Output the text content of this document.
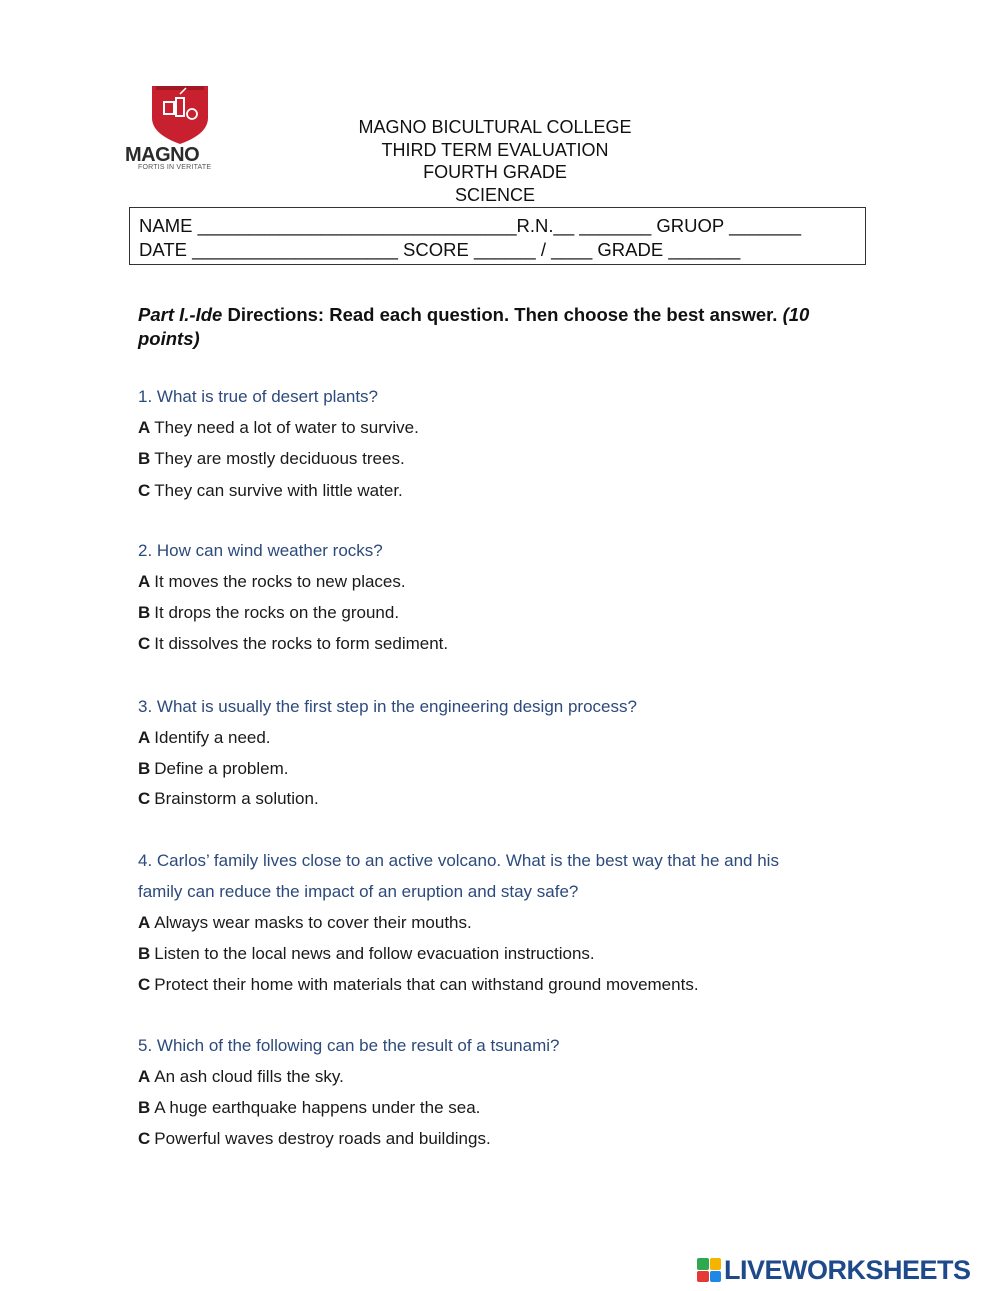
MAGNO
FORTIS IN VERITATE
MAGNO BICULTURAL COLLEGE
THIRD TERM EVALUATION
FOURTH GRADE
SCIENCE
NAME _______________________________R.N.__ _______ GRUOP _______
DATE ____________________ SCORE ______ / ____ GRADE _______
Part I.-Ide Directions: Read each question. Then choose the best answer. (10
points)
1. What is true of desert plants?
A They need a lot of water to survive.
B They are mostly deciduous trees.
C They can survive with little water.
2. How can wind weather rocks?
A It moves the rocks to new places.
B It drops the rocks on the ground.
C It dissolves the rocks to form sediment.
3. What is usually the first step in the engineering design process?
A Identify a need.
B Define a problem.
C Brainstorm a solution.
4. Carlos’ family lives close to an active volcano. What is the best way that he and his
family can reduce the impact of an eruption and stay safe?
A Always wear masks to cover their mouths.
B Listen to the local news and follow evacuation instructions.
C Protect their home with materials that can withstand ground movements.
5. Which of the following can be the result of a tsunami?
A An ash cloud fills the sky.
B A huge earthquake happens under the sea.
C Powerful waves destroy roads and buildings.
LIVEWORKSHEETS
